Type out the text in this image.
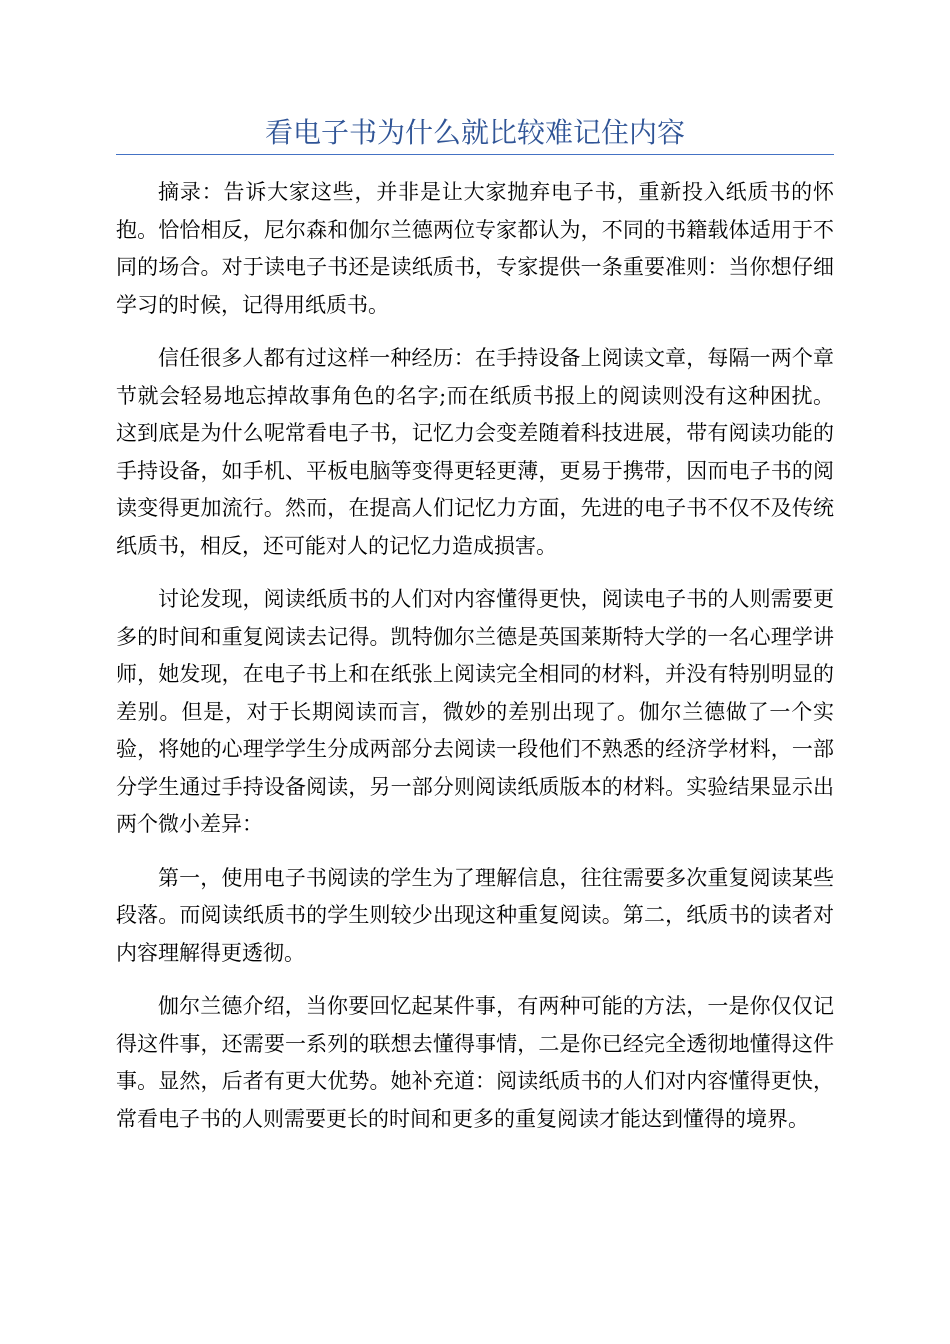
看电子书为什么就比较难记住内容

摘录：告诉大家这些，并非是让大家抛弃电子书，重新投入纸质书的怀抱。恰恰相反，尼尔森和伽尔兰德两位专家都认为，不同的书籍载体适用于不同的场合。对于读电子书还是读纸质书，专家提供一条重要准则：当你想仔细学习的时候，记得用纸质书。

信任很多人都有过这样一种经历：在手持设备上阅读文章，每隔一两个章节就会轻易地忘掉故事角色的名字;而在纸质书报上的阅读则没有这种困扰。这到底是为什么呢常看电子书，记忆力会变差随着科技进展，带有阅读功能的手持设备，如手机、平板电脑等变得更轻更薄，更易于携带，因而电子书的阅读变得更加流行。然而，在提高人们记忆力方面，先进的电子书不仅不及传统纸质书，相反，还可能对人的记忆力造成损害。

讨论发现，阅读纸质书的人们对内容懂得更快，阅读电子书的人则需要更多的时间和重复阅读去记得。凯特伽尔兰德是英国莱斯特大学的一名心理学讲师，她发现，在电子书上和在纸张上阅读完全相同的材料，并没有特别明显的差别。但是，对于长期阅读而言，微妙的差别出现了。伽尔兰德做了一个实验，将她的心理学学生分成两部分去阅读一段他们不熟悉的经济学材料，一部分学生通过手持设备阅读，另一部分则阅读纸质版本的材料。实验结果显示出两个微小差异：

第一，使用电子书阅读的学生为了理解信息，往往需要多次重复阅读某些段落。而阅读纸质书的学生则较少出现这种重复阅读。第二，纸质书的读者对内容理解得更透彻。

伽尔兰德介绍，当你要回忆起某件事，有两种可能的方法，一是你仅仅记得这件事，还需要一系列的联想去懂得事情，二是你已经完全透彻地懂得这件事。显然，后者有更大优势。她补充道：阅读纸质书的人们对内容懂得更快，常看电子书的人则需要更长的时间和更多的重复阅读才能达到懂得的境界。
